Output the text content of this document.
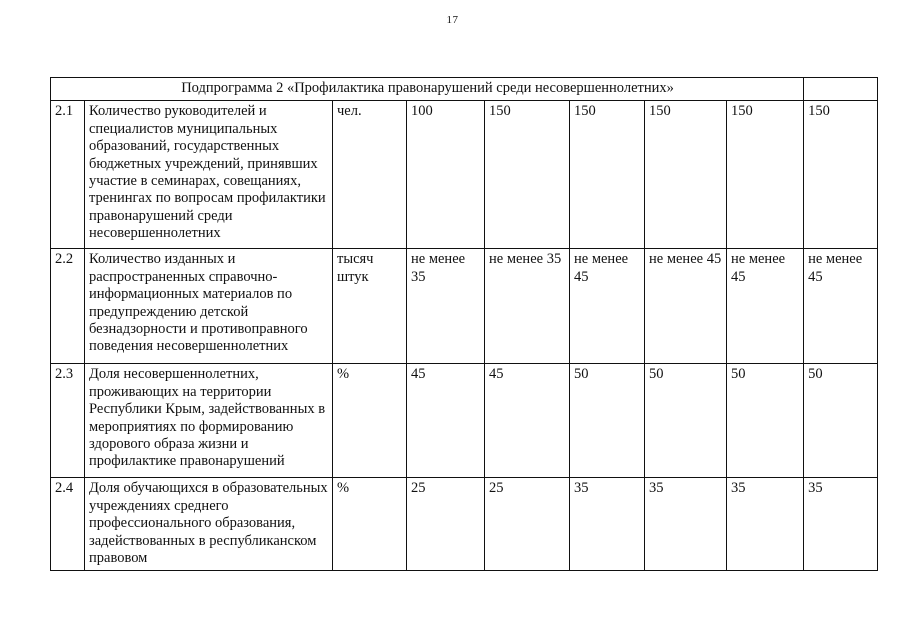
17
Подпрограмма 2 «Профилактика правонарушений среди несовершеннолетних»								
2.1	Количество руководителей и специалистов муниципальных образований, государственных бюджетных учреждений, принявших участие в семинарах, совещаниях, тренингах по вопросам профилактики правонарушений среди несовершеннолетних	чел.	100	150	150	150	150	150
2.2	Количество изданных и распространенных справочно-информационных материалов по предупреждению детской безнадзорности и противоправного поведения несовершеннолетних	тысяч штук	не менее 35	не менее 35	не менее 45	не менее 45	не менее 45	не менее 45
2.3	Доля несовершеннолетних, проживающих на территории Республики Крым, задействованных в мероприятиях по формированию здорового образа жизни и профилактике правонарушений	%	45	45	50	50	50	50
2.4	Доля обучающихся в образовательных учреждениях среднего профессионального образования, задействованных в республиканском правовом	%	25	25	35	35	35	35
